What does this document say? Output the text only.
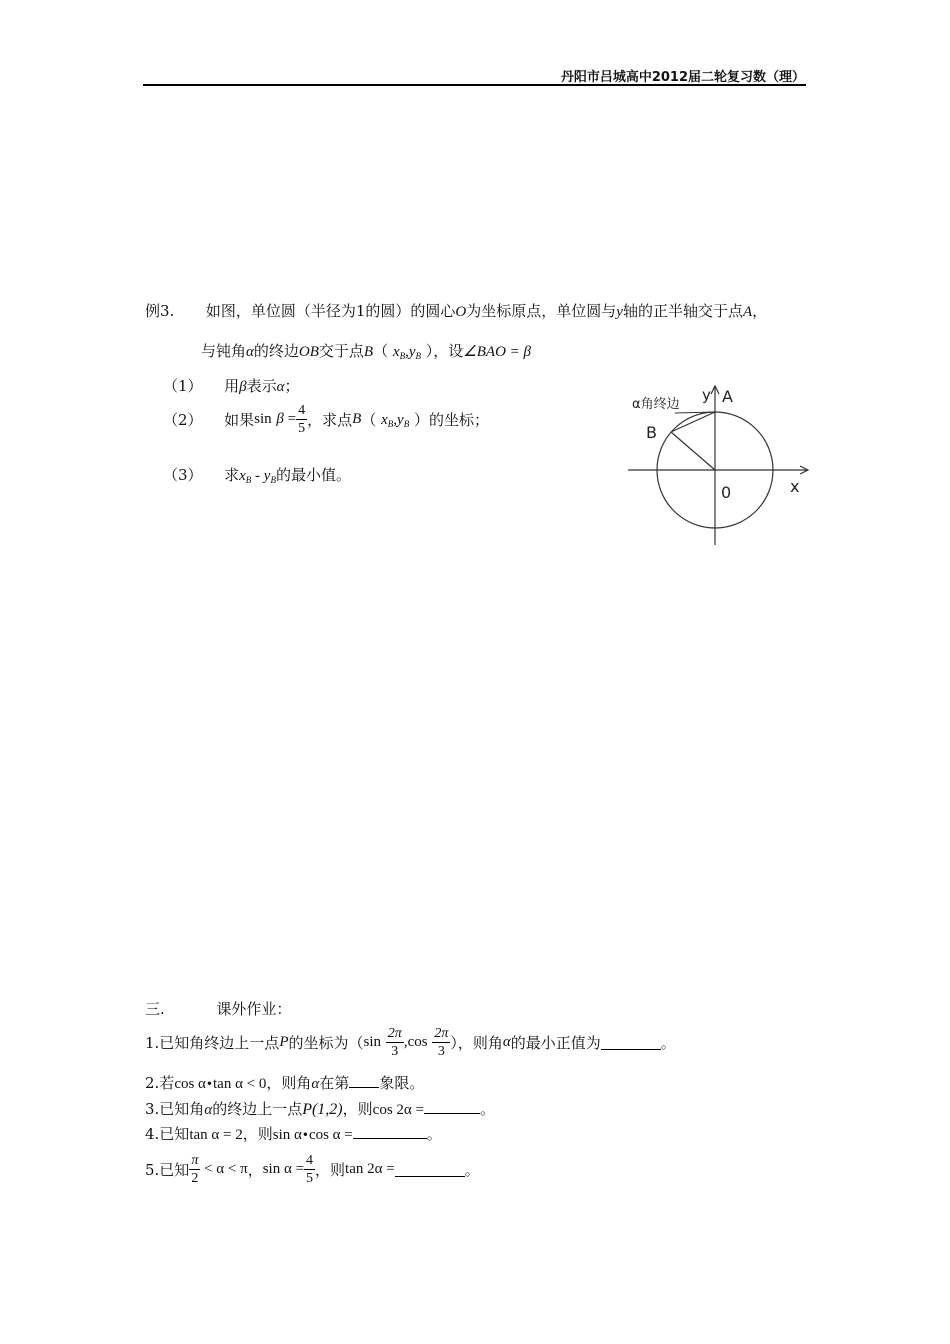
丹阳市吕城高中2012届二轮复习数（理）
例3. 如图，单位圆（半径为1的圆）的圆心O为坐标原点，单位圆与y轴的正半轴交于点A，
与钝角α的终边OB交于点B（ $x_B,y_B$ ），设∠BAO = β
（1） 用β表示α；
（2） 如果$\sin \beta = \frac{4}{5}$ ，求点B（ $x_B,y_B$ ）的坐标；
（3） 求$x_B - y_B$的最小值。
α角终边
y A
B
0	x
三.	课外作业：
1.已知角终边上一点P的坐标为（$\sin \frac{2\pi}{3} ,\cos \frac{2\pi}{3}$ ），则角α的最小正值为	。
2.若cos α•tan α < 0，则角α在第 象限。
3.已知角α的终边上一点P(1,2)，则cos 2α =	。
4.已知tan α = 2，则sin α•cos α =	。
5.已知 $\frac{\pi}{2} < \alpha < \pi$，$\sin \alpha = \frac{4}{5}$ ，则tan 2α =	。
